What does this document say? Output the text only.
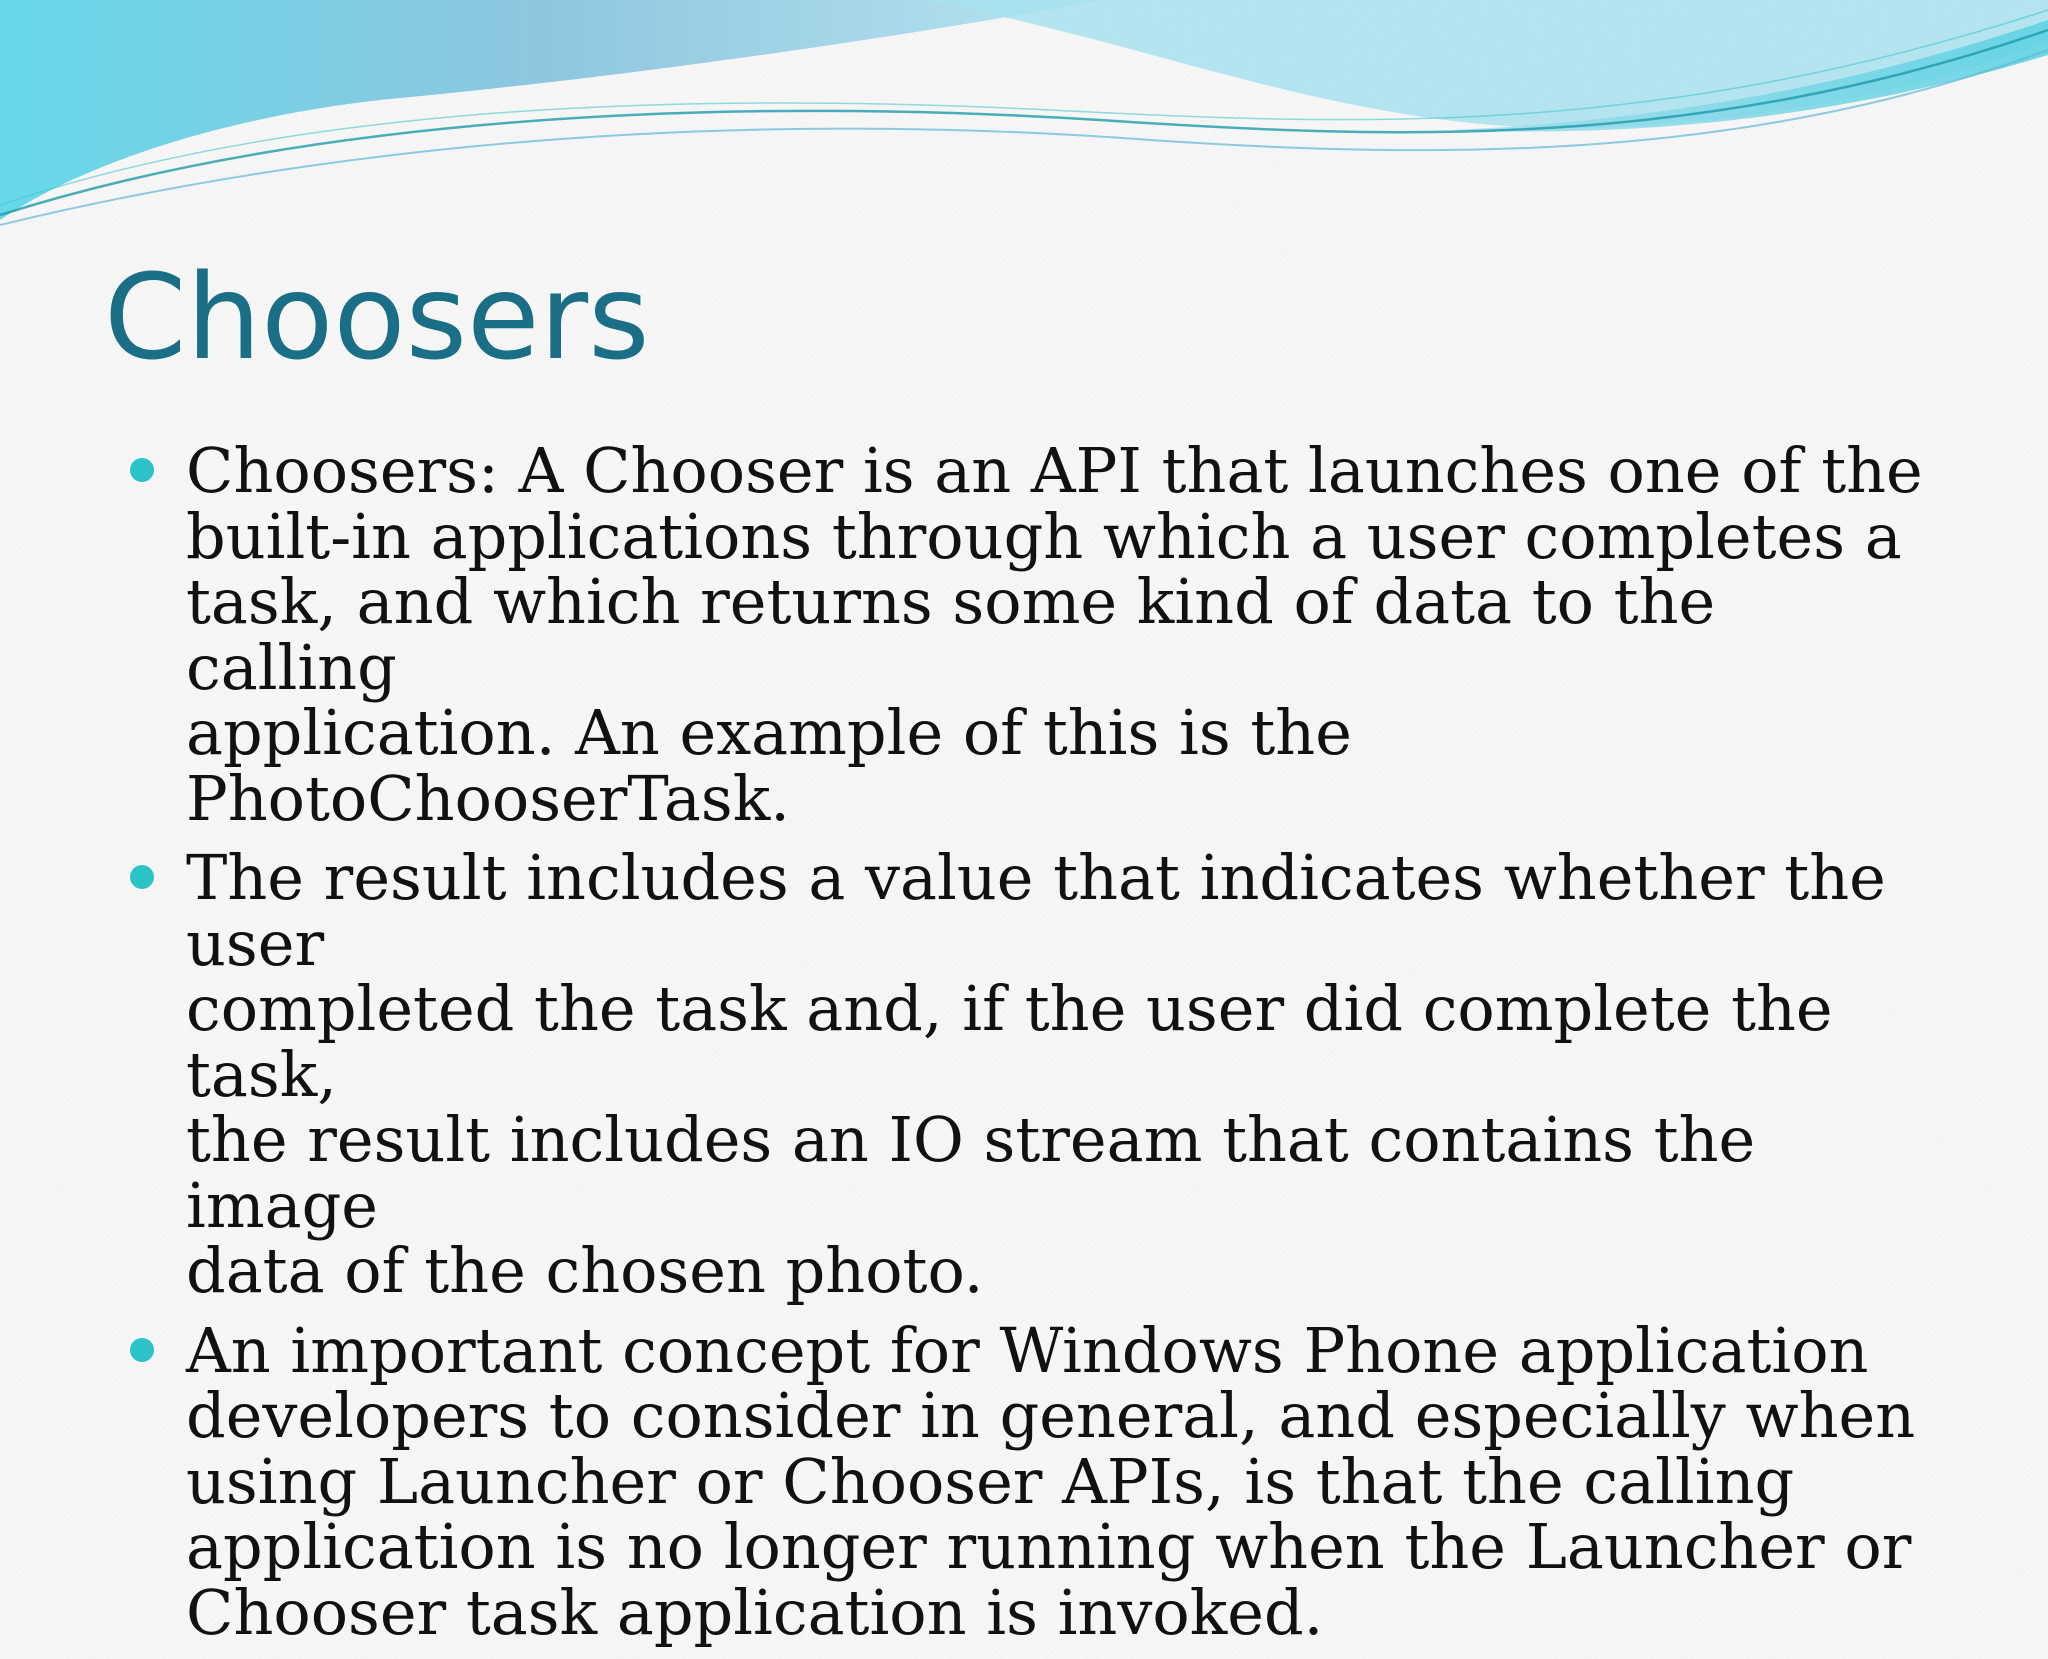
Choosers
Choosers: A Chooser is an API that launches one of the
built-in applications through which a user completes a
task, and which returns some kind of data to the calling
application. An example of this is the PhotoChooserTask.
The result includes a value that indicates whether the user
completed the task and, if the user did complete the task,
the result includes an IO stream that contains the image
data of the chosen photo.
An important concept for Windows Phone application
developers to consider in general, and especially when
using Launcher or Chooser APIs, is that the calling
application is no longer running when the Launcher or
Chooser task application is invoked.
